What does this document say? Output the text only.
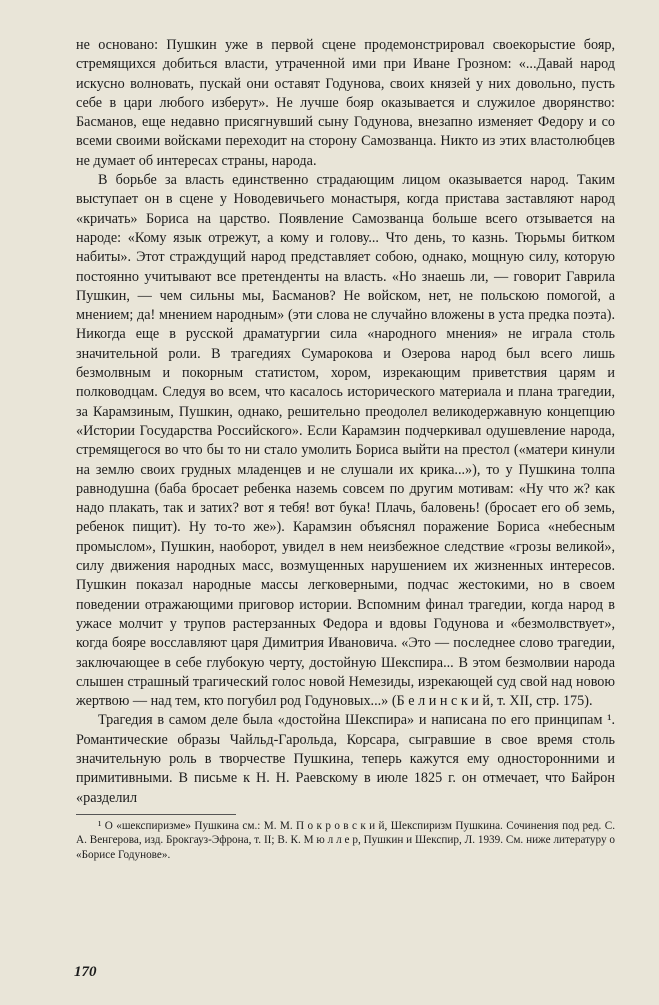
не основано: Пушкин уже в первой сцене продемонстрировал своекорыстие бояр, стремящихся добиться власти, утраченной ими при Иване Грозном: «...Давай народ искусно волновать, пускай они оставят Годунова, своих князей у них довольно, пусть себе в цари любого изберут». Не лучше бояр оказывается и служилое дворянство: Басманов, еще недавно присягнувший сыну Годунова, внезапно изменяет Федору и со всеми своими войсками переходит на сторону Самозванца. Никто из этих властолюбцев не думает об интересах страны, народа.

В борьбе за власть единственно страдающим лицом оказывается народ. Таким выступает он в сцене у Новодевичьего монастыря, когда пристава заставляют народ «кричать» Бориса на царство. Появление Самозванца больше всего отзывается на народе: «Кому язык отрежут, а кому и голову... Что день, то казнь. Тюрьмы битком набиты». Этот страждущий народ представляет собою, однако, мощную силу, которую постоянно учитывают все претенденты на власть. «Но знаешь ли, — говорит Гаврила Пушкин, — чем сильны мы, Басманов? Не войском, нет, не польскою помогой, а мнением; да! мнением народным» (эти слова не случайно вложены в уста предка поэта). Никогда еще в русской драматургии сила «народного мнения» не играла столь значительной роли. В трагедиях Сумарокова и Озерова народ был всего лишь безмолвным и покорным статистом, хором, изрекающим приветствия царям и полководцам. Следуя во всем, что касалось исторического материала и плана трагедии, за Карамзиным, Пушкин, однако, решительно преодолел великодержавную концепцию «Истории Государства Российского». Если Карамзин подчеркивал одушевление народа, стремящегося во что бы то ни стало умолить Бориса выйти на престол («матери кинули на землю своих грудных младенцев и не слушали их крика...»), то у Пушкина толпа равнодушна (баба бросает ребенка наземь совсем по другим мотивам: «Ну что ж? как надо плакать, так и затих? вот я тебя! вот бука! Плачь, баловень! (бросает его об земь, ребенок пищит). Ну то-то же»). Карамзин объяснял поражение Бориса «небесным промыслом», Пушкин, наоборот, увидел в нем неизбежное следствие «грозы великой», силу движения народных масс, возмущенных нарушением их жизненных интересов. Пушкин показал народные массы легковерными, подчас жестокими, но в своем поведении отражающими приговор истории. Вспомним финал трагедии, когда народ в ужасе молчит у трупов растерзанных Федора и вдовы Годунова и «безмолвствует», когда бояре восславляют царя Димитрия Ивановича. «Это — последнее слово трагедии, заключающее в себе глубокую черту, достойную Шекспира... В этом безмолвии народа слышен страшный трагический голос новой Немезиды, изрекающей суд свой над новою жертвою — над тем, кто погубил род Годуновых...» (Б е л и н с к и й, т. XII, стр. 175).

Трагедия в самом деле была «достойна Шекспира» и написана по его принципам ¹. Романтические образы Чайльд-Гарольда, Корсара, сыгравшие в свое время столь значительную роль в творчестве Пушкина, теперь кажутся ему односторонними и примитивными. В письме к Н. Н. Раевскому в июле 1825 г. он отмечает, что Байрон «разделил

¹ О «шекспиризме» Пушкина см.: М. М. П о к р о в с к и й, Шекспиризм Пушкина. Сочинения под ред. С. А. Венгерова, изд. Брокгауз-Эфрона, т. II; В. К. М ю л л е р, Пушкин и Шекспир, Л. 1939. См. ниже литературу о «Борисе Годунове».

170
